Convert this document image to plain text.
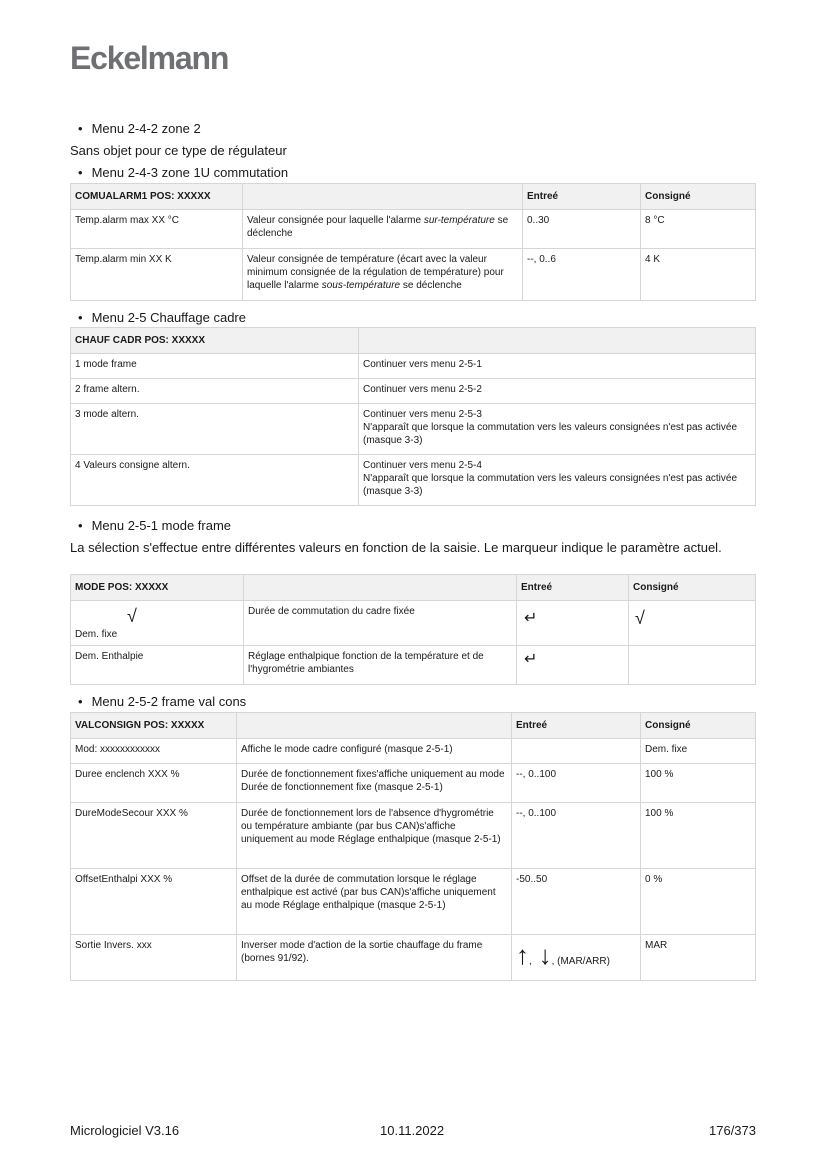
Eckelmann
• Menu 2-4-2 zone 2
Sans objet pour ce type de régulateur
• Menu 2-4-3 zone 1U commutation
COMUALARM1 POS: XXXXX		Entreé	Consigné
Temp.alarm max XX °C	Valeur consignée pour laquelle l'alarme sur-température se déclenche	0..30	8 °C
Temp.alarm min XX K	Valeur consignée de température (écart avec la valeur minimum consignée de la régulation de température) pour laquelle l'alarme sous-température se déclenche	--, 0..6	4 K
• Menu 2-5 Chauffage cadre
CHAUF CADR POS: XXXXX	
1 mode frame	Continuer vers menu 2-5-1

2 frame altern.	Continuer vers menu 2-5-2

3 mode altern.	Continuer vers menu 2-5-3
N'apparaît que lorsque la commutation vers les valeurs consignées n'est pas activée (masque 3-3)

4 Valeurs consigne altern.	Continuer vers menu 2-5-4
N'apparaît que lorsque la commutation vers les valeurs consignées n'est pas activée (masque 3-3)
• Menu 2-5-1 mode frame
La sélection s'effectue entre différentes valeurs en fonction de la saisie. Le marqueur indique le paramètre actuel.
MODE POS: XXXXX		Entreé	Consigné

Dem. fixe
√	Durée de commutation du cadre fixée	↵	√
Dem. Enthalpie	Réglage enthalpique fonction de la température et de l'hygrométrie ambiantes	↵	
• Menu 2-5-2 frame val cons
VALCONSIGN POS: XXXXX		Entreé	Consigné
Mod: xxxxxxxxxxxx	Affiche le mode cadre configuré (masque 2-5-1)		Dem. fixe
Duree enclench XXX %	Durée de fonctionnement fixes'affiche uniquement au mode Durée de fonctionnement fixe (masque 2-5-1)	--, 0..100	100 %
DureModeSecour XXX %	Durée de fonctionnement lors de l'absence d'hygrométrie ou température ambiante (par bus CAN)s'affiche uniquement au mode Réglage enthalpique (masque 2-5-1)	--, 0..100	100 %
OffsetEnthalpi XXX %	Offset de la durée de commutation lorsque le réglage enthalpique est activé (par bus CAN)s'affiche uniquement au mode Réglage enthalpique (masque 2-5-1)	-50..50	0 %
Sortie Invers. xxx	Inverser mode d'action de la sortie chauffage du frame (bornes 91/92).	↑, ↓, (MAR/ARR)	MAR
Micrologiciel V3.16	10.11.2022	176/373
